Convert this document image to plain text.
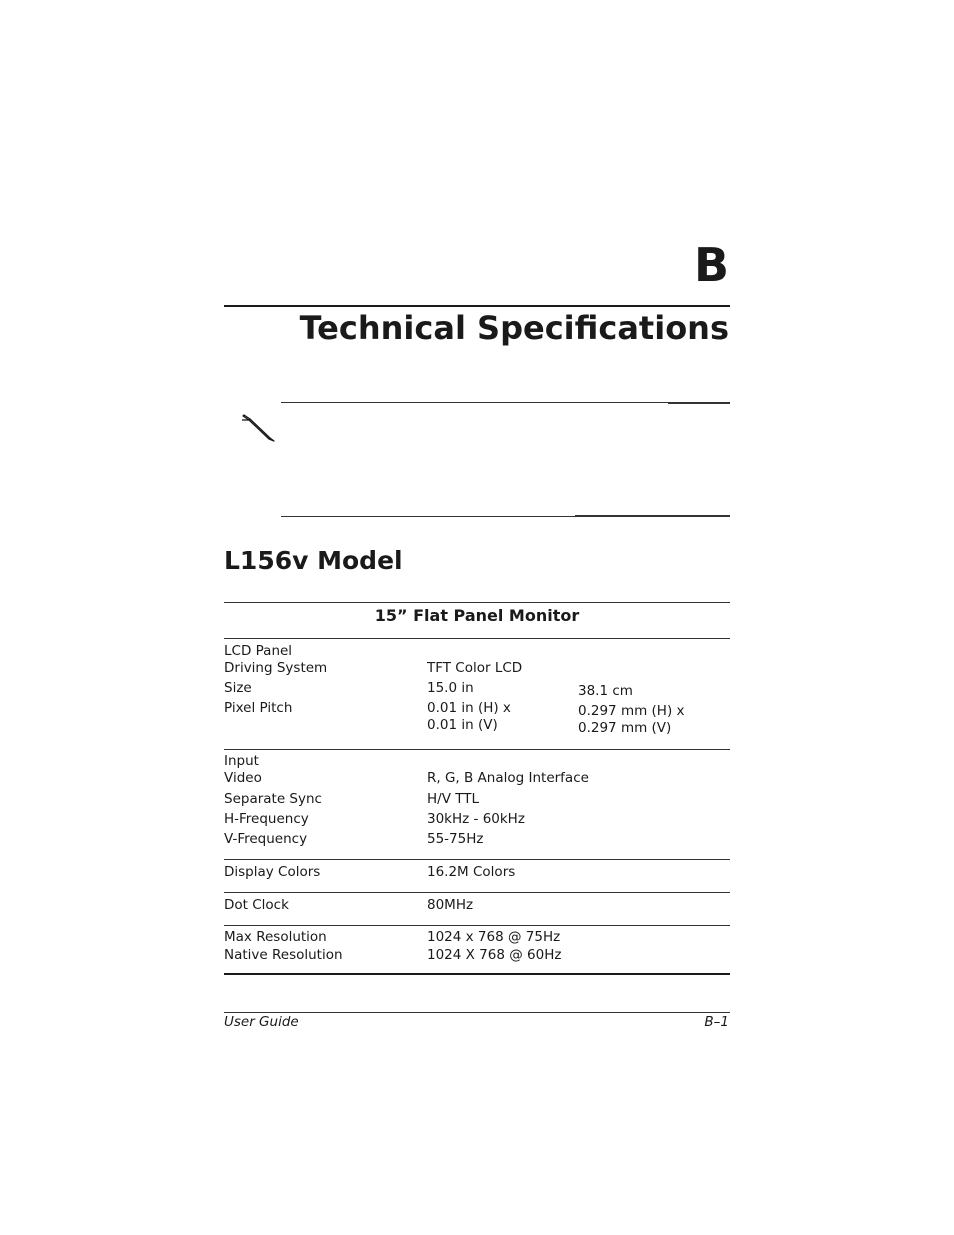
B
Technical Specifications
L156v Model
15” Flat Panel Monitor
LCD Panel
Driving System	TFT Color LCD
Size	15.0 in	38.1 cm
Pixel Pitch	0.01 in (H) x	0.297 mm (H) x
0.01 in (V)	0.297 mm (V)
Input
Video	R, G, B Analog Interface
Separate Sync	H/V TTL
H-Frequency	30kHz - 60kHz
V-Frequency	55-75Hz
Display Colors	16.2M Colors
Dot Clock	80MHz
Max Resolution	1024 x 768 @ 75Hz
Native Resolution	1024 X 768 @ 60Hz
User Guide	B–1
